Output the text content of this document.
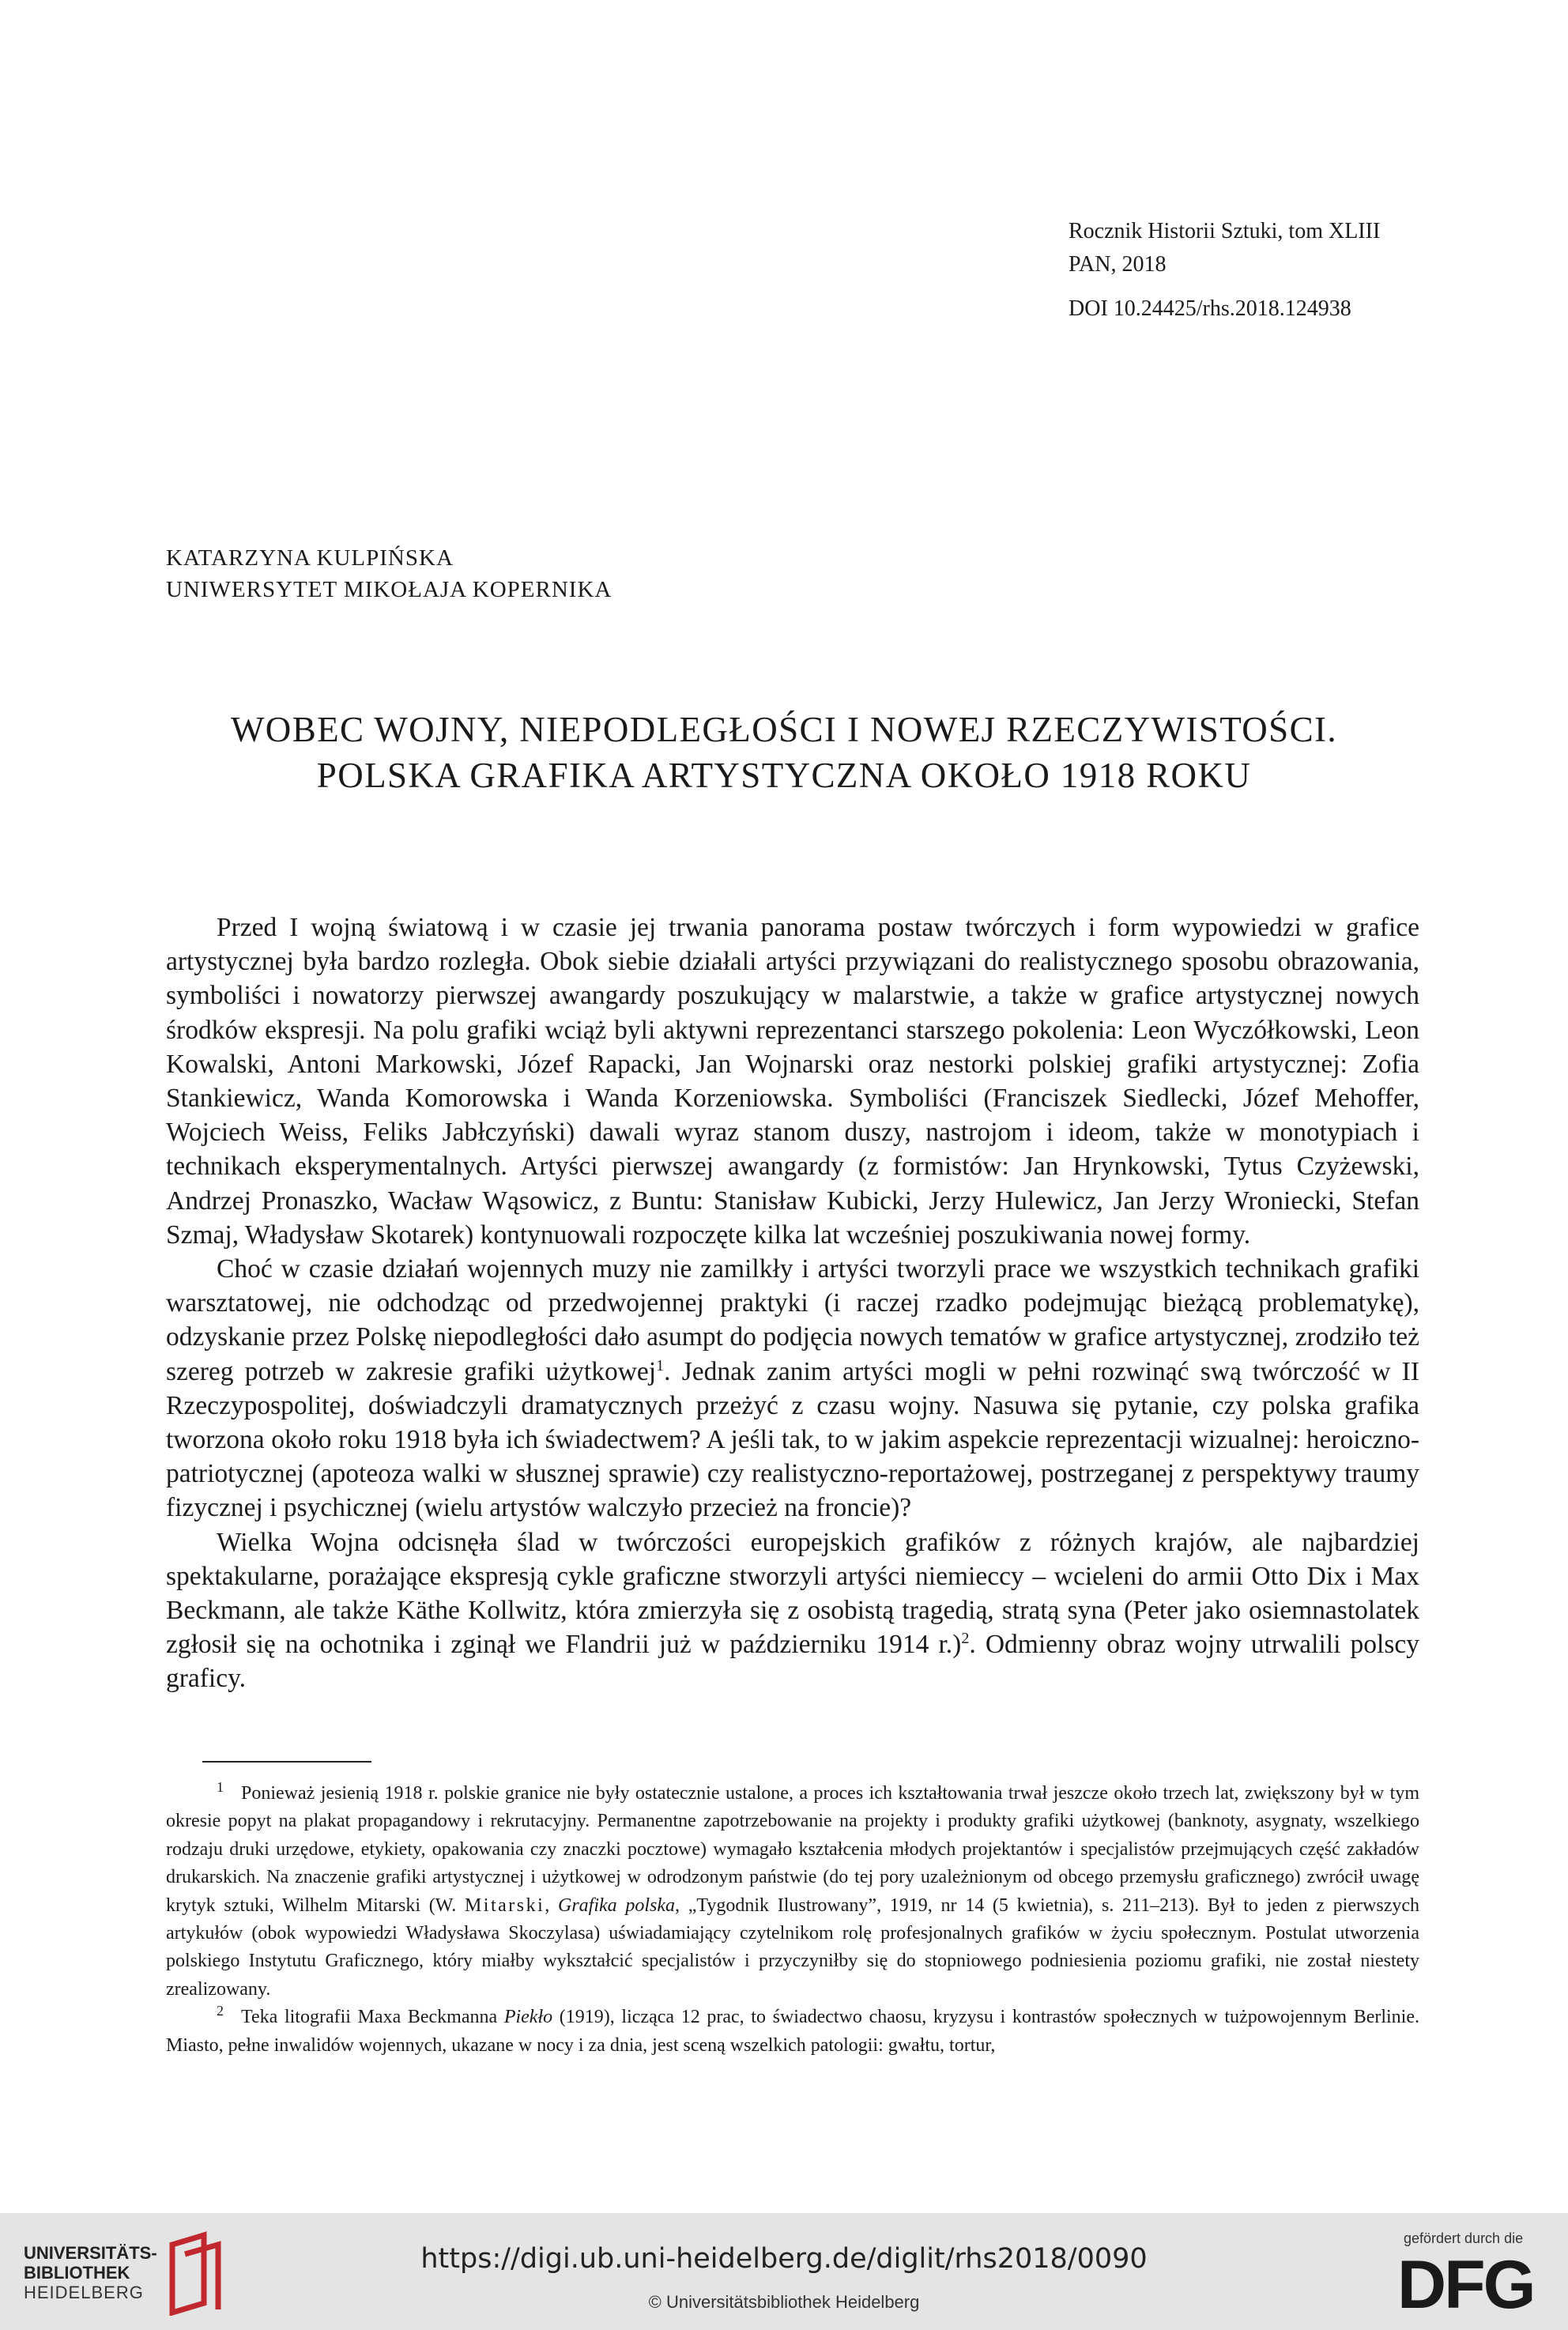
Rocznik Historii Sztuki, tom XLIII
PAN, 2018
DOI 10.24425/rhs.2018.124938
KATARZYNA KULPIŃSKA
UNIWERSYTET MIKOŁAJA KOPERNIKA
WOBEC WOJNY, NIEPODLEGŁOŚCI I NOWEJ RZECZYWISTOŚCI.
POLSKA GRAFIKA ARTYSTYCZNA OKOŁO 1918 ROKU

Przed I wojną światową i w czasie jej trwania panorama postaw twórczych i form wypowiedzi w grafice artystycznej była bardzo rozległa. Obok siebie działali artyści przywiązani do realistycznego sposobu obrazowania, symboliści i nowatorzy pierwszej awangardy poszukujący w malarstwie, a także w grafice artystycznej nowych środków ekspresji. Na polu grafiki wciąż byli aktywni reprezentanci starszego pokolenia: Leon Wyczółkowski, Leon Kowalski, Antoni Markowski, Józef Rapacki, Jan Wojnarski oraz nestorki polskiej grafiki artystycznej: Zofia Stankiewicz, Wanda Komorowska i Wanda Korzeniowska. Symboliści (Franciszek Siedlecki, Józef Mehoffer, Wojciech Weiss, Feliks Jabłczyński) dawali wyraz stanom duszy, nastrojom i ideom, także w monotypiach i technikach eksperymentalnych. Artyści pierwszej awangardy (z formistów: Jan Hrynkowski, Tytus Czyżewski, Andrzej Pronaszko, Wacław Wąsowicz, z Buntu: Stanisław Kubicki, Jerzy Hulewicz, Jan Jerzy Wroniecki, Stefan Szmaj, Władysław Skotarek) kontynuowali rozpoczęte kilka lat wcześniej poszukiwania nowej formy.

Choć w czasie działań wojennych muzy nie zamilkły i artyści tworzyli prace we wszystkich technikach grafiki warsztatowej, nie odchodząc od przedwojennej praktyki (i raczej rzadko podejmując bieżącą problematykę), odzyskanie przez Polskę niepodległości dało asumpt do podjęcia nowych tematów w grafice artystycznej, zrodziło też szereg potrzeb w zakresie grafiki użytkowej$^1$. Jednak zanim artyści mogli w pełni rozwinąć swą twórczość w II Rzeczypospolitej, doświadczyli dramatycznych przeżyć z czasu wojny. Nasuwa się pytanie, czy polska grafika tworzona około roku 1918 była ich świadectwem? A jeśli tak, to w jakim aspekcie reprezentacji wizualnej: heroiczno-patriotycznej (apoteoza walki w słusznej sprawie) czy realistyczno-reportażowej, postrzeganej z perspektywy traumy fizycznej i psychicznej (wielu artystów walczyło przecież na froncie)?

Wielka Wojna odcisnęła ślad w twórczości europejskich grafików z różnych krajów, ale najbardziej spektakularne, porażające ekspresją cykle graficzne stworzyli artyści niemieccy – wcieleni do armii Otto Dix i Max Beckmann, ale także Käthe Kollwitz, która zmierzyła się z osobistą tragedią, stratą syna (Peter jako osiemnastolatek zgłosił się na ochotnika i zginął we Flandrii już w październiku 1914 r.)$^2$. Odmienny obraz wojny utrwalili polscy graficy.

$^1$ Ponieważ jesienią 1918 r. polskie granice nie były ostatecznie ustalone, a proces ich kształtowania trwał jeszcze około trzech lat, zwiększony był w tym okresie popyt na plakat propagandowy i rekrutacyjny. Permanentne zapotrzebowanie na projekty i produkty grafiki użytkowej (banknoty, asygnaty, wszelkiego rodzaju druki urzędowe, etykiety, opakowania czy znaczki pocztowe) wymagało kształcenia młodych projektantów i specjalistów przejmujących część zakładów drukarskich. Na znaczenie grafiki artystycznej i użytkowej w odrodzonym państwie (do tej pory uzależnionym od obcego przemysłu graficznego) zwrócił uwagę krytyk sztuki, Wilhelm Mitarski (W. Mitarski, Grafika polska, „Tygodnik Ilustrowany”, 1919, nr 14 (5 kwietnia), s. 211–213). Był to jeden z pierwszych artykułów (obok wypowiedzi Władysława Skoczylasa) uświadamiający czytelnikom rolę profesjonalnych grafików w życiu społecznym. Postulat utworzenia polskiego Instytutu Graficznego, który miałby wykształcić specjalistów i przyczyniłby się do stopniowego podniesienia poziomu grafiki, nie został niestety zrealizowany.

$^2$ Teka litografii Maxa Beckmanna Piekło (1919), licząca 12 prac, to świadectwo chaosu, kryzysu i kontrastów społecznych w tużpowojennym Berlinie. Miasto, pełne inwalidów wojennych, ukazane w nocy i za dnia, jest sceną wszelkich patologii: gwałtu, tortur,

UNIVERSITÄTS-
BIBLIOTHEK
HEIDELBERG
https://digi.ub.uni-heidelberg.de/diglit/rhs2018/0090
© Universitätsbibliothek Heidelberg
gefördert durch die
DFG
